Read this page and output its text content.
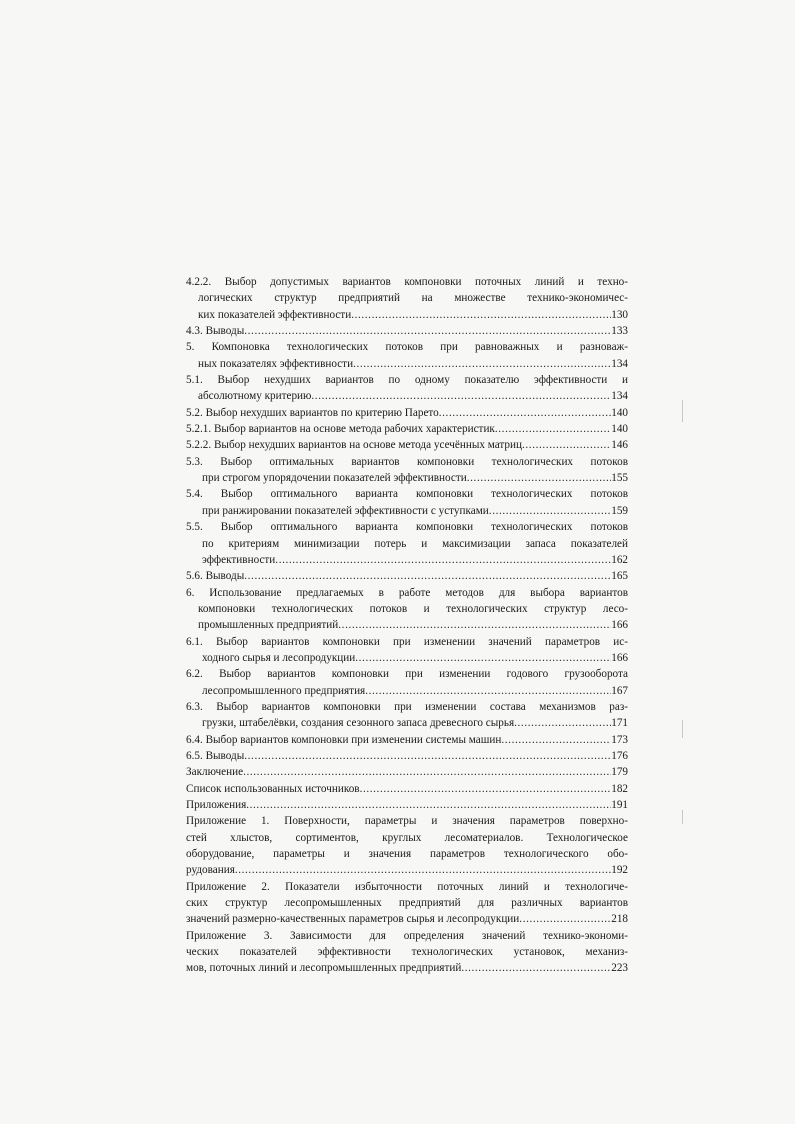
4.2.2. Выбор допустимых вариантов компоновки поточных линий и техно-
логических структур предприятий на множестве технико-экономичес-
ких показателей эффективности .....	130
4.3. Выводы .....	133
5. Компоновка технологических потоков при равноважных и разноваж-
ных показателях эффективности .....	134
5.1. Выбор нехудших вариантов по одному показателю эффективности и
абсолютному критерию .....	134
5.2. Выбор нехудших вариантов по критерию Парето .....	140
5.2.1. Выбор вариантов на основе метода рабочих характеристик .....	140
5.2.2. Выбор нехудших вариантов на основе метода усечённых матриц .....	146
5.3. Выбор оптимальных вариантов компоновки технологических потоков
при строгом упорядочении показателей эффективности .....	155
5.4. Выбор оптимального варианта компоновки технологических потоков
при ранжировании показателей эффективности с уступками .....	159
5.5. Выбор оптимального варианта компоновки технологических потоков
по критериям минимизации потерь и максимизации запаса показателей
эффективности .....	162
5.6. Выводы .....	165
6. Использование предлагаемых в работе методов для выбора вариантов
компоновки технологических потоков и технологических структур лесо-
промышленных предприятий .....	166
6.1. Выбор вариантов компоновки при изменении значений параметров ис-
ходного сырья и лесопродукции .....	166
6.2. Выбор вариантов компоновки при изменении годового грузооборота
лесопромышленного предприятия .....	167
6.3. Выбор вариантов компоновки при изменении состава механизмов раз-
грузки, штабелёвки, создания сезонного запаса древесного сырья .....	171
6.4. Выбор вариантов компоновки при изменении системы машин .....	173
6.5. Выводы .....	176
Заключение .....	179
Список использованных источников .....	182
Приложения .....	191
Приложение 1. Поверхности, параметры и значения параметров поверхно-
стей хлыстов, сортиментов, круглых лесоматериалов. Технологическое
оборудование, параметры и значения параметров технологического обо-
рудования .....	192
Приложение 2. Показатели избыточности поточных линий и технологиче-
ских структур лесопромышленных предприятий для различных вариантов
значений размерно-качественных параметров сырья и лесопродукции .....	218
Приложение 3. Зависимости для определения значений технико-экономи-
ческих показателей эффективности технологических установок, механиз-
мов, поточных линий и лесопромышленных предприятий .....	223
